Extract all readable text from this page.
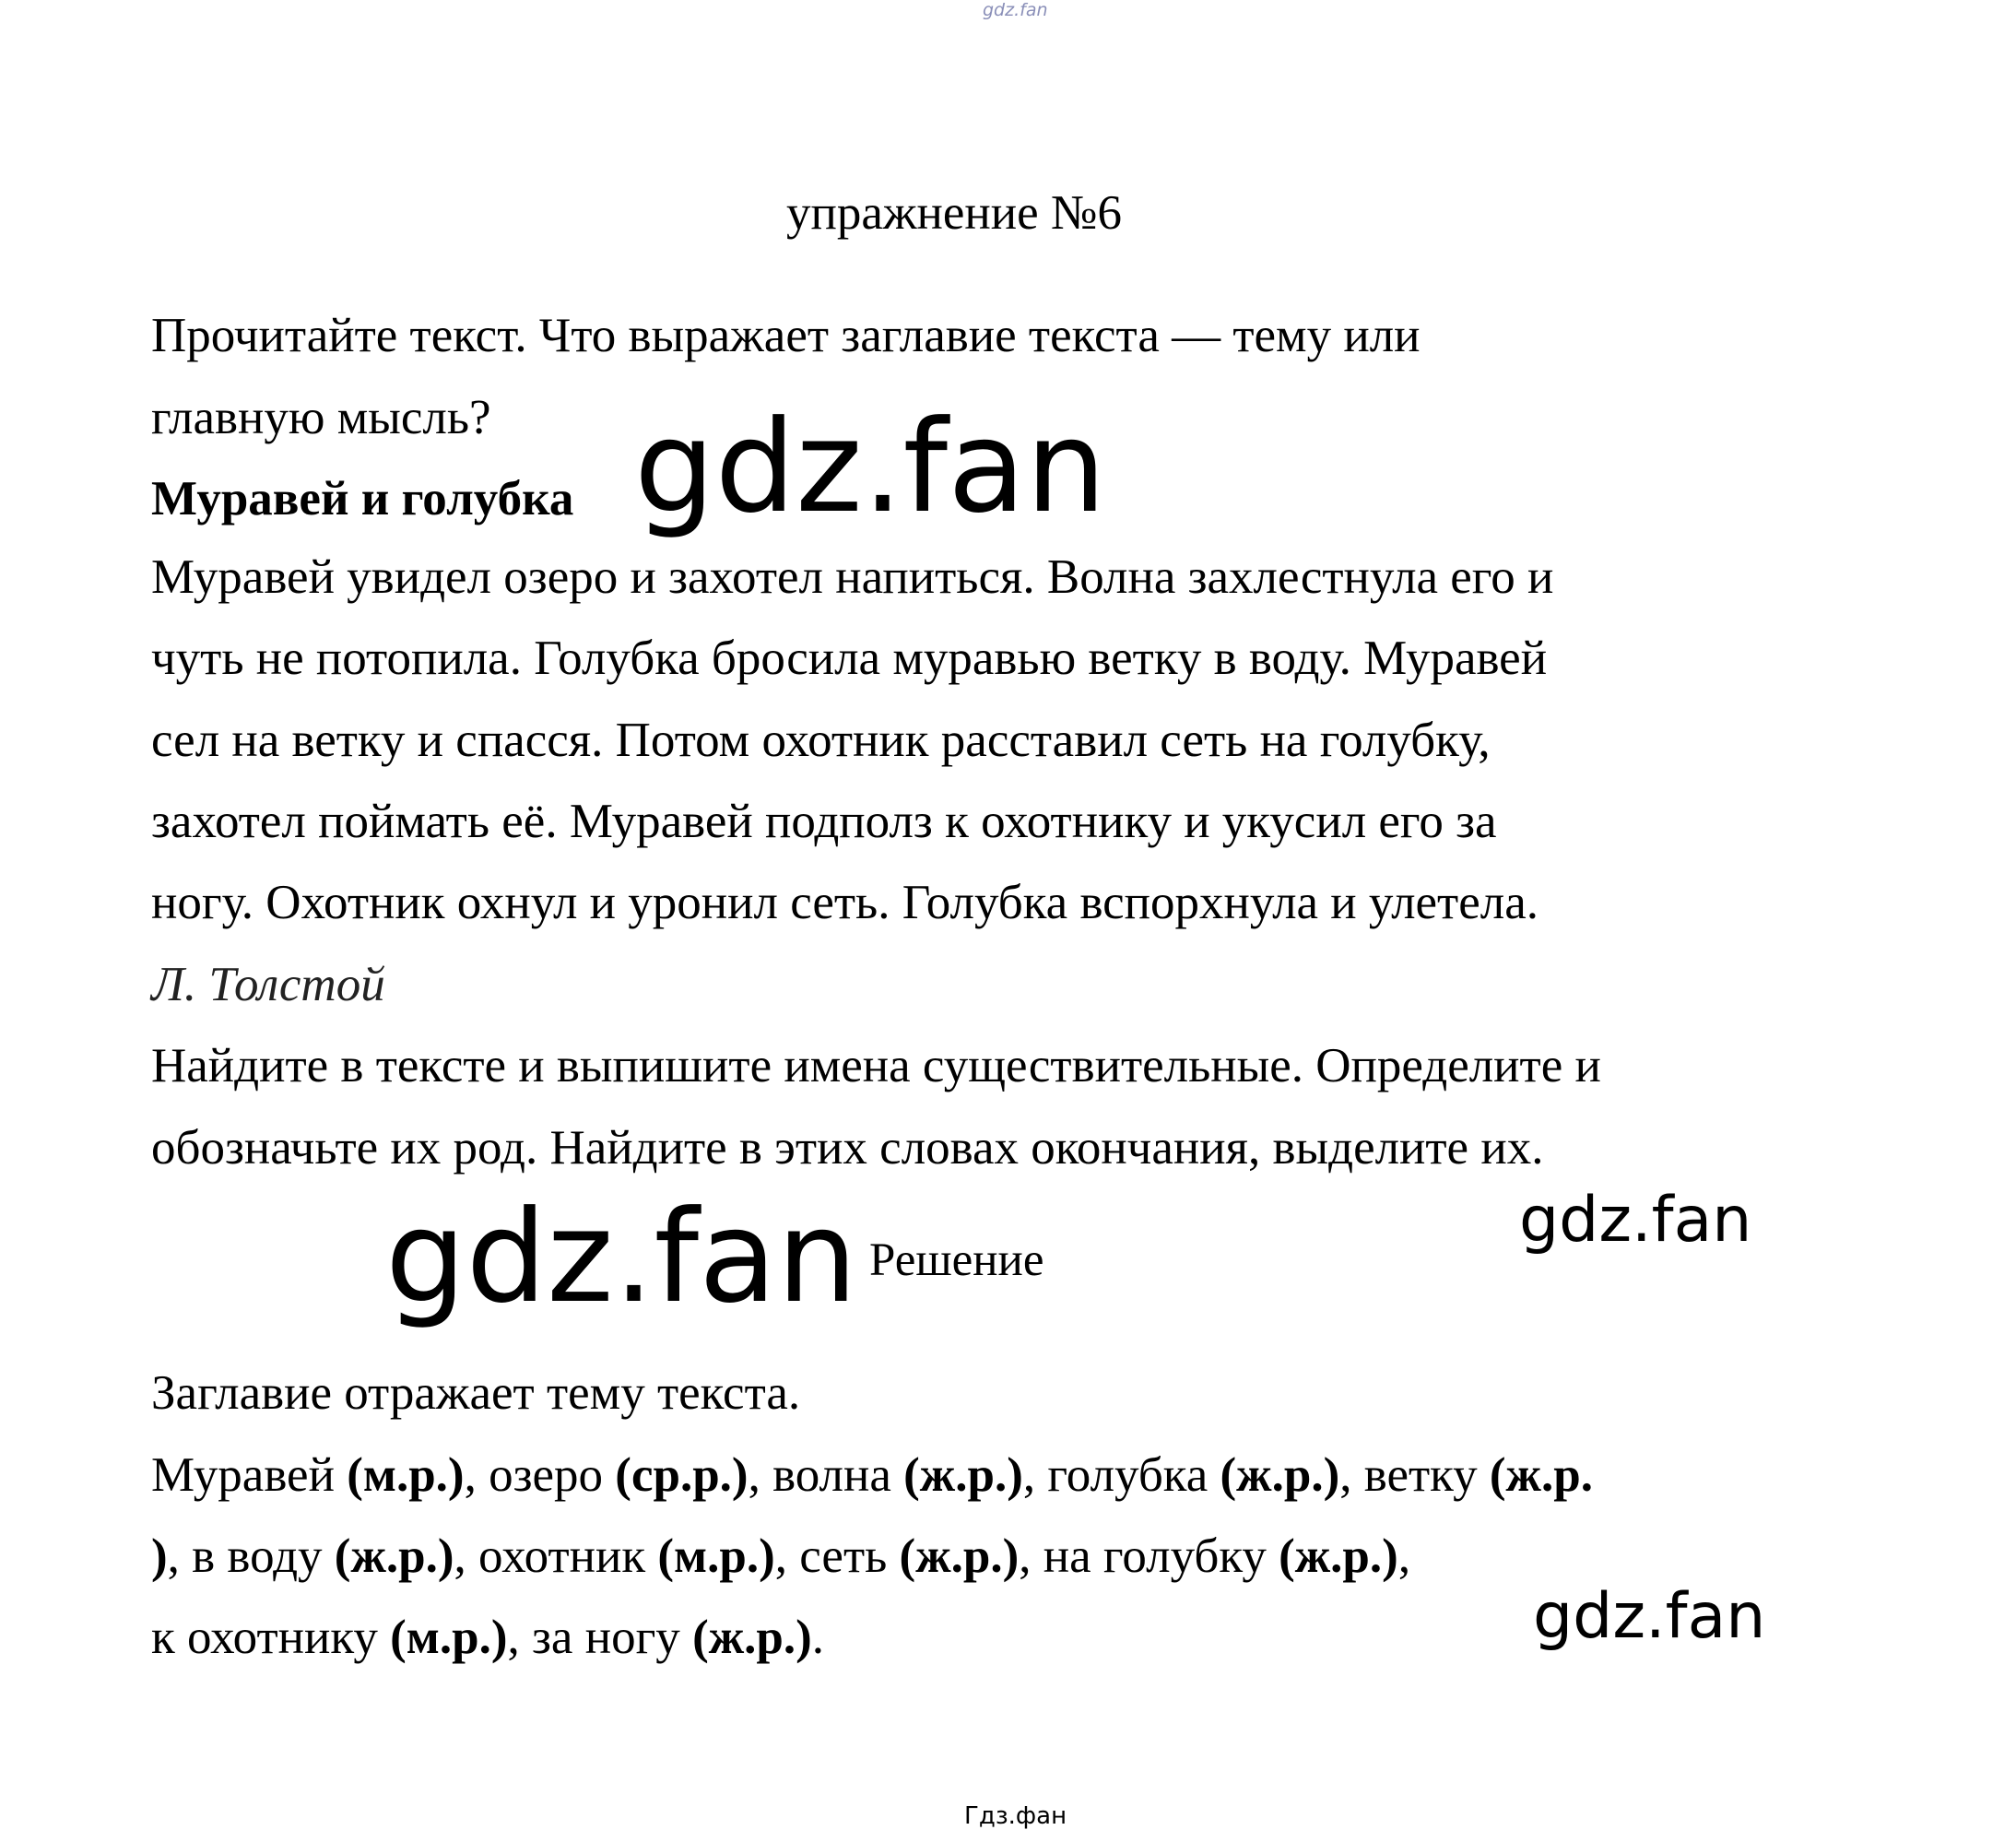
gdz.fan
упражнение №6
Прочитайте текст. Что выражает заглавие текста — тему или
главную мысль?
Муравей и голубка
Муравей увидел озеро и захотел напиться. Волна захлестнула его и
чуть не потопила. Голубка бросила муравью ветку в воду. Муравей
сел на ветку и спасся. Потом охотник расставил сеть на голубку,
захотел поймать её. Муравей подполз к охотнику и укусил его за
ногу. Охотник охнул и уронил сеть. Голубка вспорхнула и улетела.
Л. Толстой
Найдите в тексте и выпишите имена существительные. Определите и
обозначьте их род. Найдите в этих словах окончания, выделите их.
Решение
Заглавие отражает тему текста.
Муравей (м.р.), озеро (ср.р.), волна (ж.р.), голубка (ж.р.), ветку (ж.р.
), в воду (ж.р.), охотник (м.р.), сеть (ж.р.), на голубку (ж.р.),
к охотнику (м.р.), за ногу (ж.р.).
gdz.fan
gdz.fan	gdz.fan
gdz.fan
Гдз.фан
